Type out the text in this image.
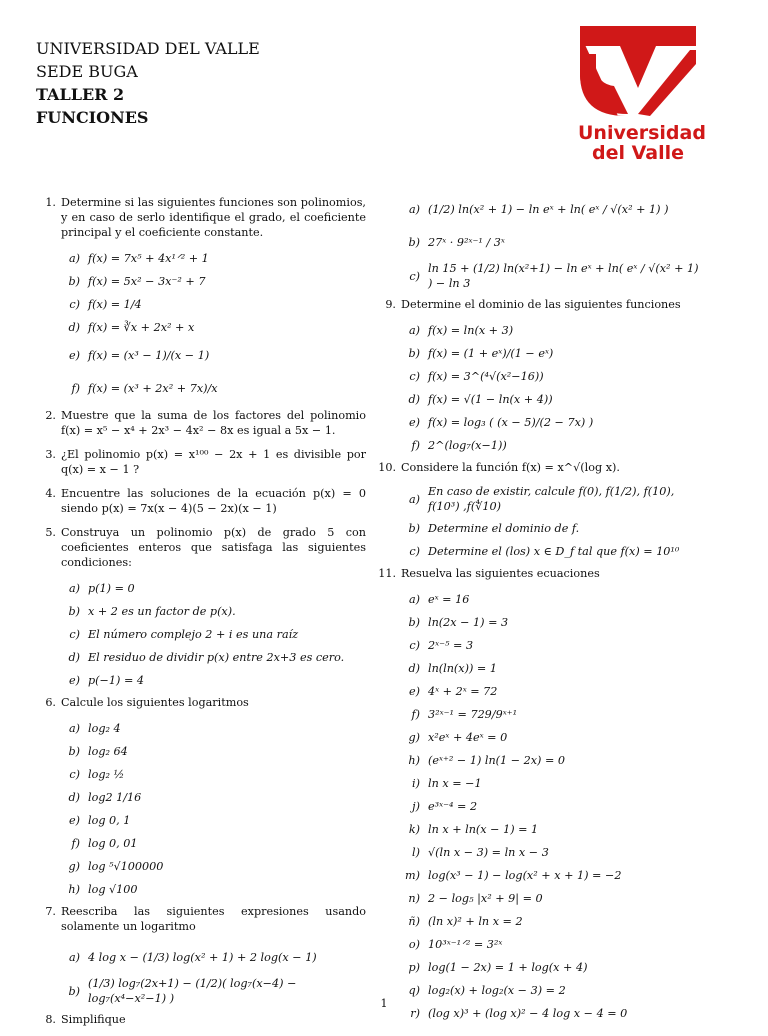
UNIVERSIDAD DEL VALLE
SEDE BUGA
TALLER 2
FUNCIONES
Universidad
del Valle
1. Determine si las siguientes funciones son polinomios, y en caso de serlo identifique el grado, el coeficiente principal y el coeficiente constante.
a) f(x) = 7x⁵ + 4x¹ᐟ² + 1
b) f(x) = 5x² − 3x⁻² + 7
c) f(x) = 1/4
d) f(x) = ∛x + 2x² + x
e) f(x) = (x³ − 1)/(x − 1)
f) f(x) = (x³ + 2x² + 7x)/x
2. Muestre que la suma de los factores del polinomio f(x) = x⁵ − x⁴ + 2x³ − 4x² − 8x es igual a 5x − 1.
3. ¿El polinomio p(x) = x¹⁰⁰ − 2x + 1 es divisible por q(x) = x − 1 ?
4. Encuentre las soluciones de la ecuación p(x) = 0 siendo p(x) = 7x(x − 4)(5 − 2x)(x − 1)
5. Construya un polinomio p(x) de grado 5 con coeficientes enteros que satisfaga las siguientes condiciones:
a) p(1) = 0
b) x + 2 es un factor de p(x).
c) El número complejo 2 + i es una raíz
d) El residuo de dividir p(x) entre 2x+3 es cero.
e) p(−1) = 4
6. Calcule los siguientes logaritmos
a) log₂ 4
b) log₂ 64
c) log₂ ½
d) log2 1/16
e) log 0, 1
f) log 0, 01
g) log ⁵√100000
h) log √100
7. Reescriba las siguientes expresiones usando solamente un logaritmo
a) 4 log x − (1/3) log(x² + 1) + 2 log(x − 1)
b)
(1/3) log₇(2x+1) − (1/2)( log₇(x−4) − log₇(x⁴−x²−1) )
8. Simplifique
a) (1/2) ln(x² + 1) − ln eˣ + ln( eˣ / √(x² + 1) )
b) 27ˣ · 9²ˣ⁻¹ / 3ˣ
c)
ln 15 + (1/2) ln(x²+1) − ln eˣ + ln( eˣ / √(x² + 1) ) − ln 3
9. Determine el dominio de las siguientes funciones
a) f(x) = ln(x + 3)
b) f(x) = (1 + eˣ)/(1 − eˣ)
c) f(x) = 3^(⁴√(x²−16))
d) f(x) = √(1 − ln(x + 4))
e) f(x) = log₃ ( (x − 5)/(2 − 7x) )
f) 2^(log₇(x−1))
10. Considere la función f(x) = x^√(log x).
a)
En caso de existir, calcule f(0), f(1/2), f(10), f(10³) ,f(∜10)
b) Determine el dominio de f.
c) Determine el (los) x ∈ D_f tal que f(x) = 10¹⁰
11. Resuelva las siguientes ecuaciones
a) eˣ = 16
b) ln(2x − 1) = 3
c) 2ˣ⁻⁵ = 3
d) ln(ln(x)) = 1
e) 4ˣ + 2ˣ = 72
f) 3²ˣ⁻¹ = 729/9ˣ⁺¹
g) x²eˣ + 4eˣ = 0
h) (eˣ⁺² − 1) ln(1 − 2x) = 0
i) ln x = −1
j) e³ˣ⁻⁴ = 2
k) ln x + ln(x − 1) = 1
l) √(ln x − 3) = ln x − 3
m) log(x³ − 1) − log(x² + x + 1) = −2
n) 2 − log₅ |x² + 9| = 0
ñ) (ln x)² + ln x = 2
o) 10³ˣ⁻¹ᐟ² = 3²ˣ
p) log(1 − 2x) = 1 + log(x + 4)
q) log₂(x) + log₂(x − 3) = 2
r) (log x)³ + (log x)² − 4 log x − 4 = 0
1
